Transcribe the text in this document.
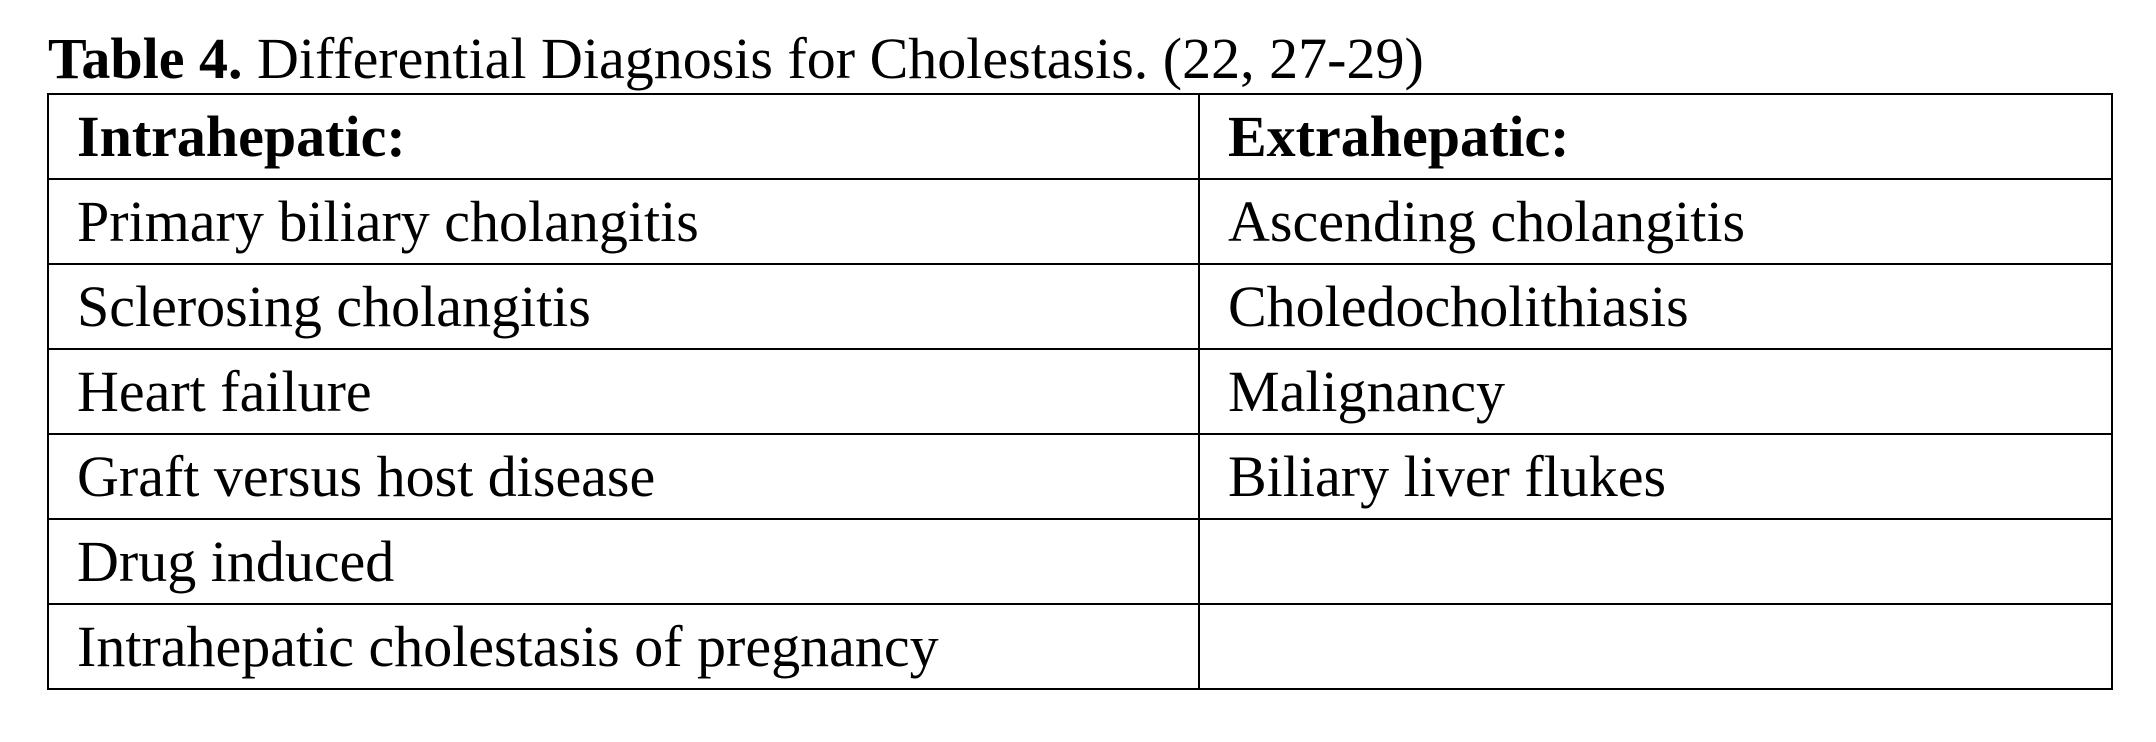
Table 4. Differential Diagnosis for Cholestasis. (22, 27-29)
Intrahepatic:	Extrahepatic:
Primary biliary cholangitis	Ascending cholangitis
Sclerosing cholangitis	Choledocholithiasis
Heart failure	Malignancy
Graft versus host disease	Biliary liver flukes
Drug induced	
Intrahepatic cholestasis of pregnancy	
